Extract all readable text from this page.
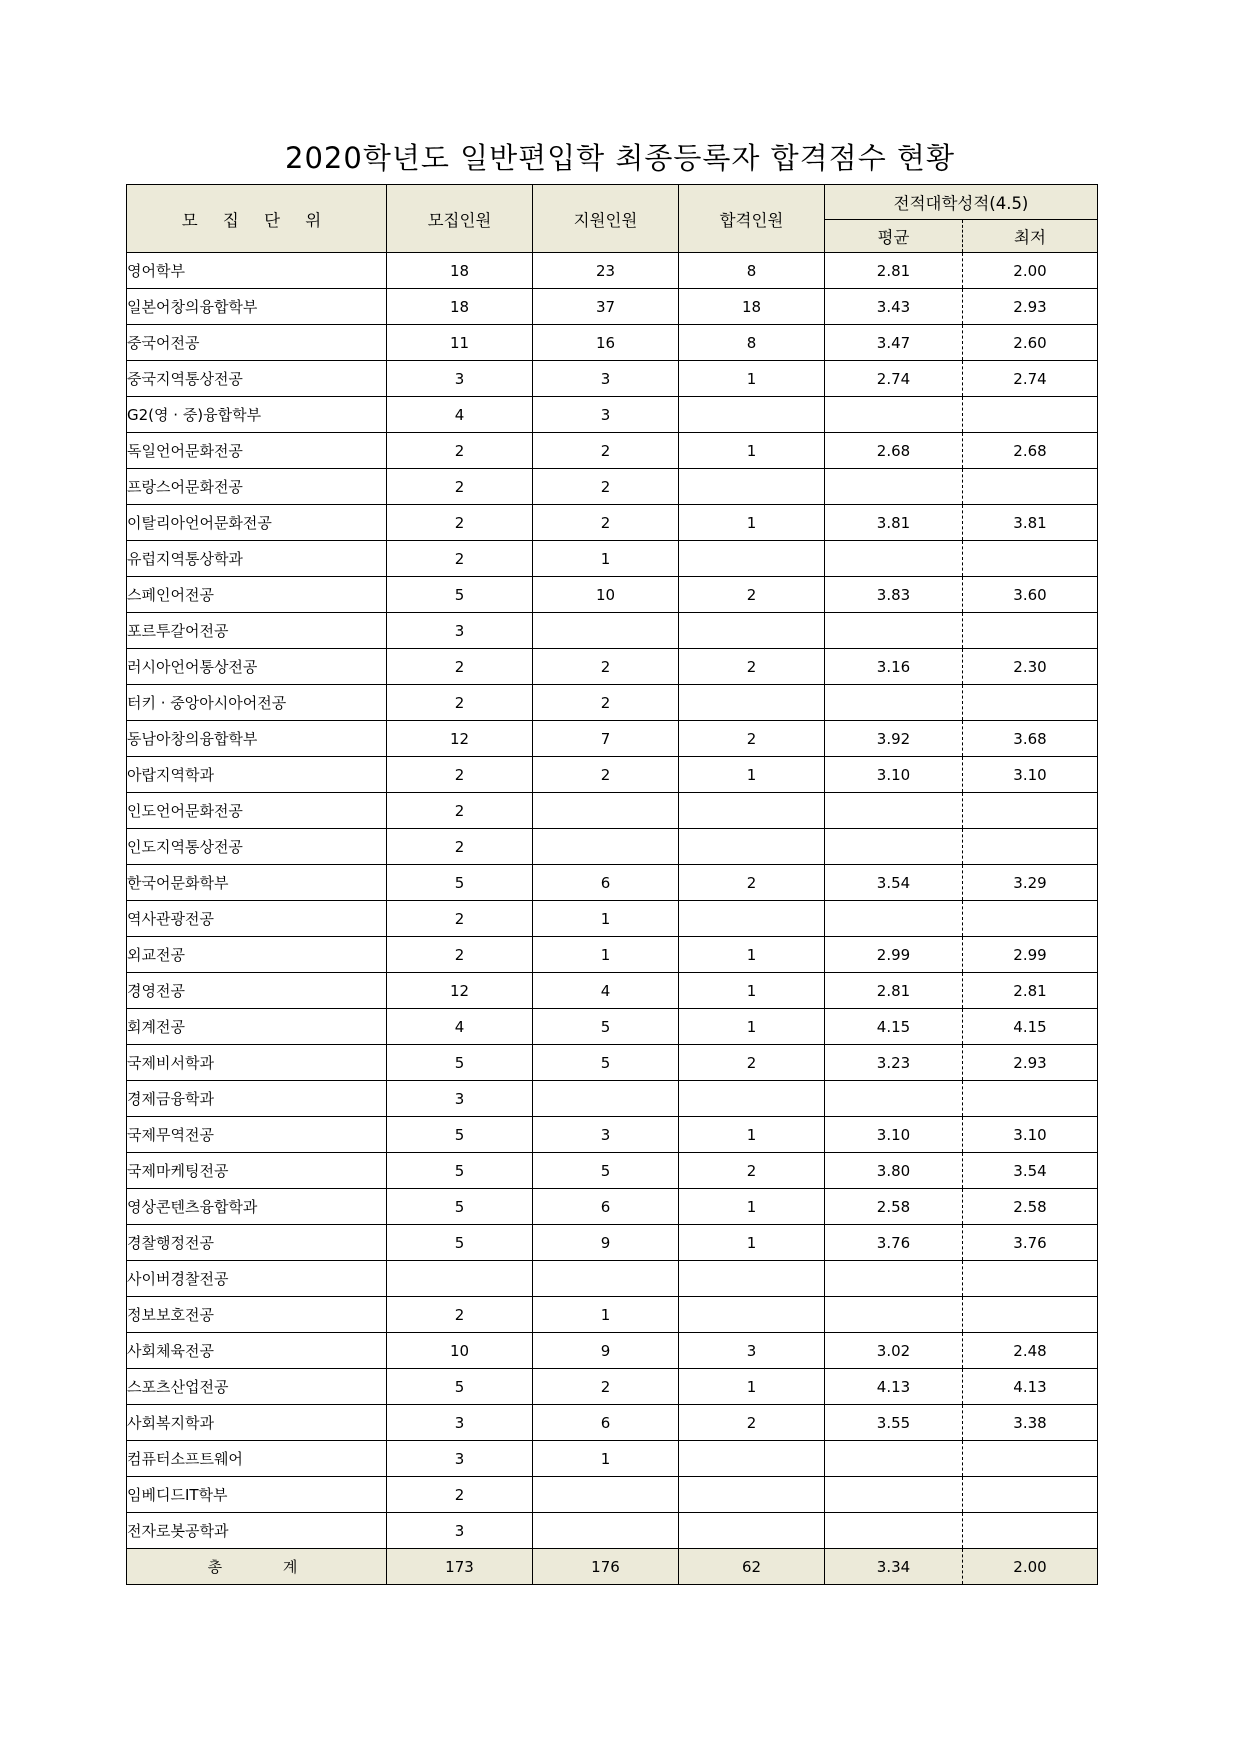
2020학년도 일반편입학 최종등록자 합격점수 현황
모 집 단 위	모집인원	지원인원	합격인원	전적대학성적(4.5)	
				평균	최저
영어학부	18	23	8	2.81	2.00
일본어창의융합학부	18	37	18	3.43	2.93
중국어전공	11	16	8	3.47	2.60
중국지역통상전공	3	3	1	2.74	2.74
G2(영 · 중)융합학부	4	3			
독일언어문화전공	2	2	1	2.68	2.68
프랑스어문화전공	2	2			
이탈리아언어문화전공	2	2	1	3.81	3.81
유럽지역통상학과	2	1			
스페인어전공	5	10	2	3.83	3.60
포르투갈어전공	3				
러시아언어통상전공	2	2	2	3.16	2.30
터키 · 중앙아시아어전공	2	2			
동남아창의융합학부	12	7	2	3.92	3.68
아랍지역학과	2	2	1	3.10	3.10
인도언어문화전공	2				
인도지역통상전공	2				
한국어문화학부	5	6	2	3.54	3.29
역사관광전공	2	1			
외교전공	2	1	1	2.99	2.99
경영전공	12	4	1	2.81	2.81
회계전공	4	5	1	4.15	4.15
국제비서학과	5	5	2	3.23	2.93
경제금융학과	3				
국제무역전공	5	3	1	3.10	3.10
국제마케팅전공	5	5	2	3.80	3.54
영상콘텐츠융합학과	5	6	1	2.58	2.58
경찰행정전공	5	9	1	3.76	3.76
사이버경찰전공					
정보보호전공	2	1			
사회체육전공	10	9	3	3.02	2.48
스포츠산업전공	5	2	1	4.13	4.13
사회복지학과	3	6	2	3.55	3.38
컴퓨터소프트웨어	3	1			
임베디드IT학부	2				
전자로봇공학과	3				
총 계	173	176	62	3.34	2.00
